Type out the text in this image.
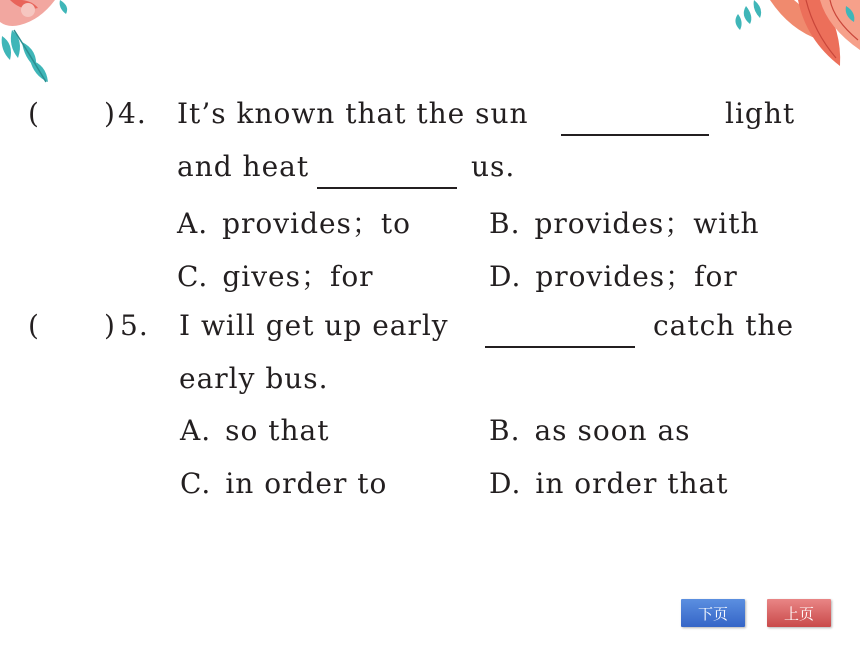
( ) 4. It’s known that the sun	light
and heat	us.
A. provides；to	B. provides；with
C. gives；for	D. provides；for
( ) 5. I will get up early	catch the
early bus.
A. so that	B. as soon as
C. in order to	D. in order that
下页	上页
